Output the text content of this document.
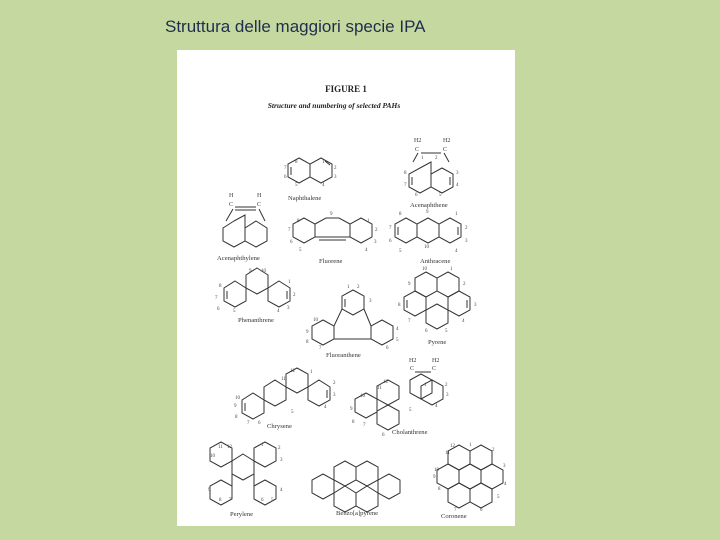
Struttura delle maggiori specie IPA
FIGURE 1
Structure and numbering of selected PAHs
8	1
7	2
6	3
5	4
Naphthalene
H2	H2
C	C
1 2
8	3
7	4
6	5
Acenaphthene
H	H
C	C
Acenaphthylene
8
9
1
7	2
6	3
5	4
Fluorene
8	9	1
7	2
6	3
5
10
4
Anthracene
9 10
1
8
2
7
3
6	5	4
Phenanthrene
10	1
9	2
8	3
7	4
6	5
Pyrene
1 2
3
10
4
9
5
8
6
7
Fluoranthene
12	1
11
2
3
10
4
9
8
5
7 6 Chrysene
H2	H2
C	C
12
1	2
11
3
10
4
9	5
8
7
6 Cholanthrene
11 12	1
2
10
3
9	4
8 7	6 5
Perylene	Benzo[a]pyrene
12	1
11
2
10
3
9
4
8
5
7	6
Coronene
